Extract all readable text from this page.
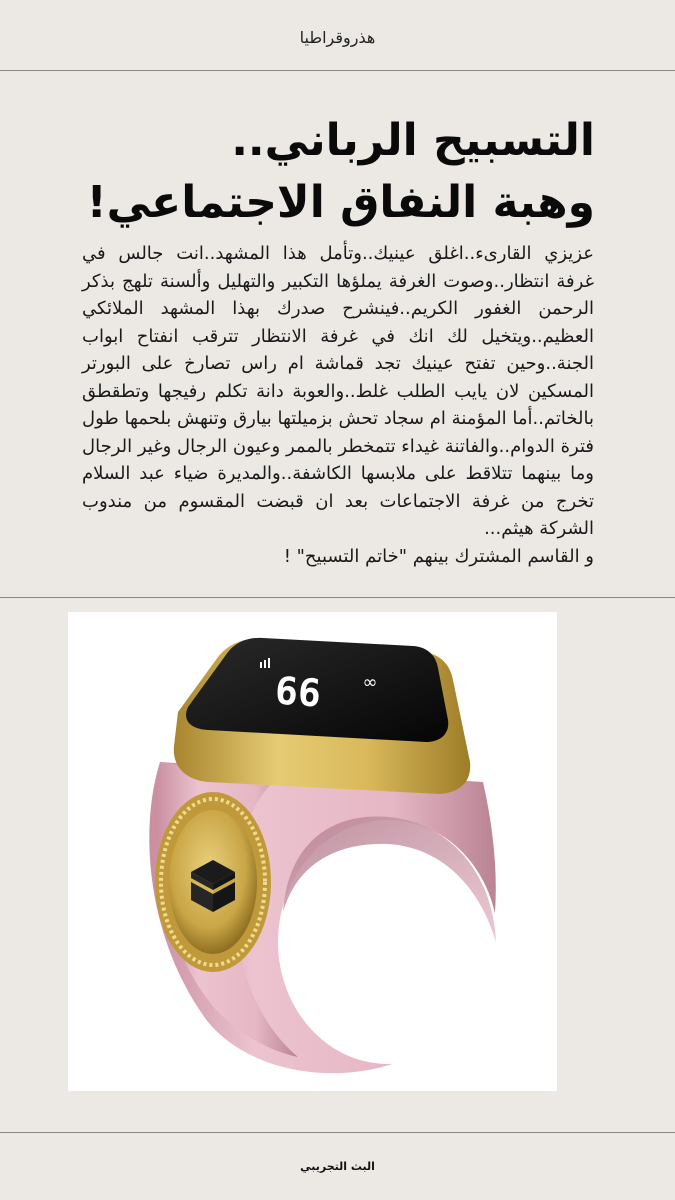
هذروقراطيا
التسبيح الرباني..
وهبة النفاق الاجتماعي!

عزيزي القارىء..اغلق عينيك..وتأمل هذا المشهد..انت جالس في غرفة انتظار..وصوت الغرفة يملؤها التكبير والتهليل وألسنة تلهج بذكر الرحمن الغفور الكريم..فينشرح صدرك بهذا المشهد الملائكي العظيم..ويتخيل لك انك في غرفة الانتظار تترقب انفتاح ابواب الجنة..وحين تفتح عينيك تجد قماشة ام راس تصارخ على البورتر المسكين لان يايب الطلب غلط..والعوبة دانة تكلم رفيجها وتطقطق بالخاتم..أما المؤمنة ام سجاد تحش بزميلتها بيارق وتنهش بلحمها طول فترة الدوام..والفاتنة غيداء تتمخطر بالممر وعيون الرجال وغير الرجال وما بينهما تتلاقط على ملابسها الكاشفة..والمديرة ضياء عبد السلام تخرج من غرفة الاجتماعات بعد ان قبضت المقسوم من مندوب الشركة هيثم...

و القاسم المشترك بينهم "خاتم التسبيح" !

66 ∞
البث التجريبي
